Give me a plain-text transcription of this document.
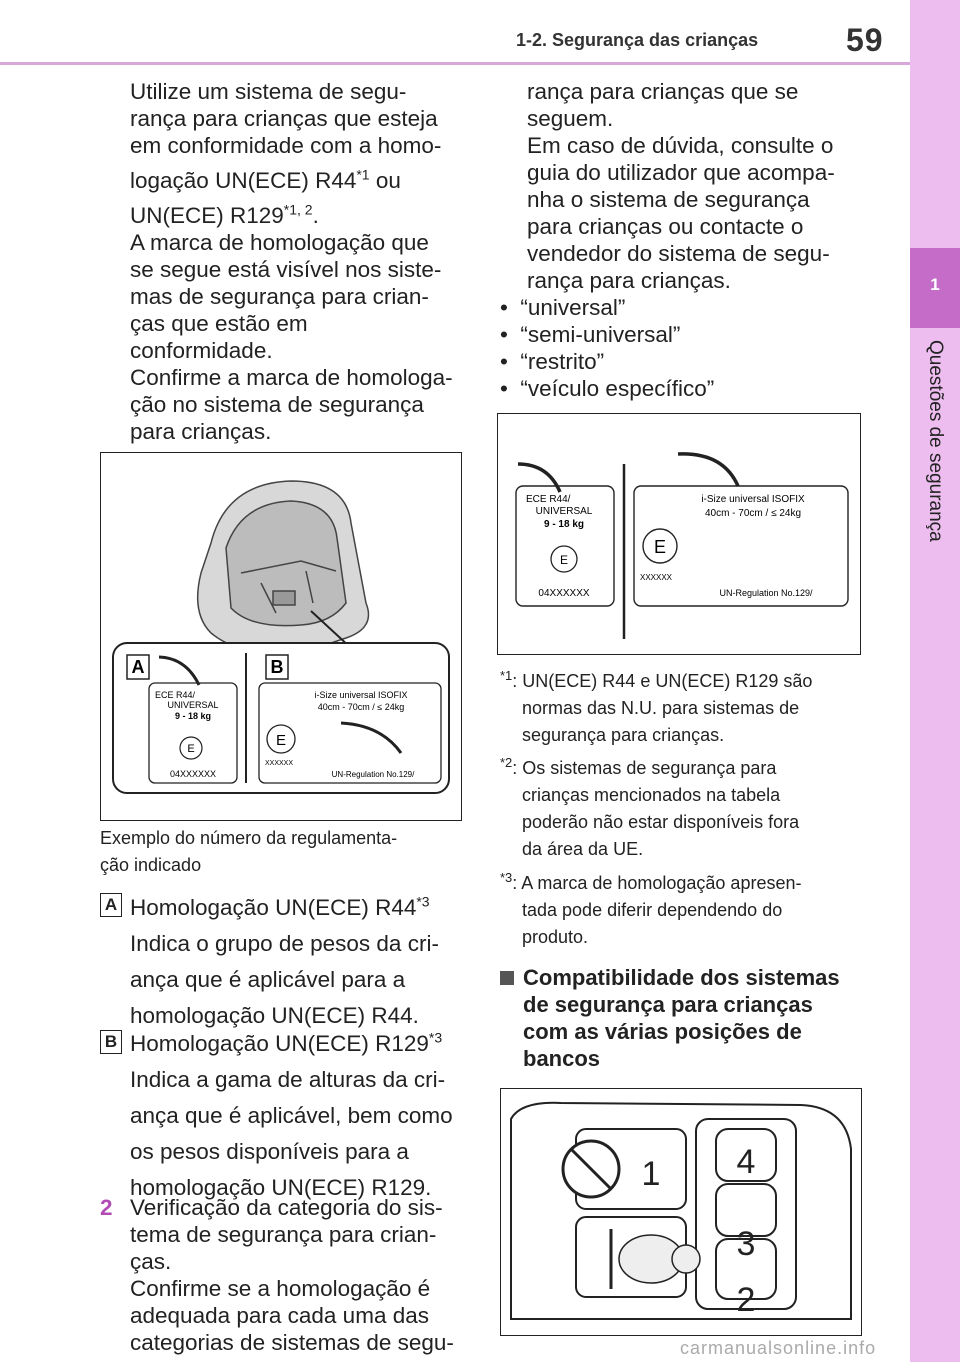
1-2. Segurança das crianças	59
1
Questões de segurança
Utilize um sistema de segu-
rança para crianças que esteja
em conformidade com a homo-
logação UN(ECE) R44$^{*1}$ ou
UN(ECE) R129$^{*1, 2}$.
A marca de homologação que
se segue está visível nos siste-
mas de segurança para crian-
ças que estão em
conformidade.
Confirme a marca de homologa-
ção no sistema de segurança
para crianças.
A	B
ECE R44/
UNIVERSAL
9 - 18 kg
E
04XXXXXX
i-Size universal ISOFIX
40cm - 70cm / ≤ 24kg
E
XXXXXX
UN-Regulation No.129/
Exemplo do número da regulamenta-
ção indicado
A Homologação UN(ECE) R44$^{*3}$
Indica o grupo de pesos da cri-
ança que é aplicável para a
homologação UN(ECE) R44.
B Homologação UN(ECE) R129$^{*3}$
Indica a gama de alturas da cri-
ança que é aplicável, bem como
os pesos disponíveis para a
homologação UN(ECE) R129.
2 Verificação da categoria do sis-
tema de segurança para crian-
ças.
Confirme se a homologação é
adequada para cada uma das
categorias de sistemas de segu-
rança para crianças que se
seguem.
Em caso de dúvida, consulte o
guia do utilizador que acompa-
nha o sistema de segurança
para crianças ou contacte o
vendedor do sistema de segu-
rança para crianças.
•  “universal”
•  “semi-universal”
•  “restrito”
•  “veículo específico”
ECE R44/
UNIVERSAL
9 - 18 kg
E
04XXXXXX
i-Size universal ISOFIX
40cm - 70cm / ≤ 24kg
E
XXXXXX
UN-Regulation No.129/
$^{*1}$: UN(ECE) R44 e UN(ECE) R129 são
normas das N.U. para sistemas de
segurança para crianças.
$^{*2}$: Os sistemas de segurança para
crianças mencionados na tabela
poderão não estar disponíveis fora
da área da UE.
$^{*3}$: A marca de homologação apresen-
tada pode diferir dependendo do
produto.
Compatibilidade dos sistemas
de segurança para crianças
com as várias posições de
bancos
1
2
3
4
carmanualsonline.info
